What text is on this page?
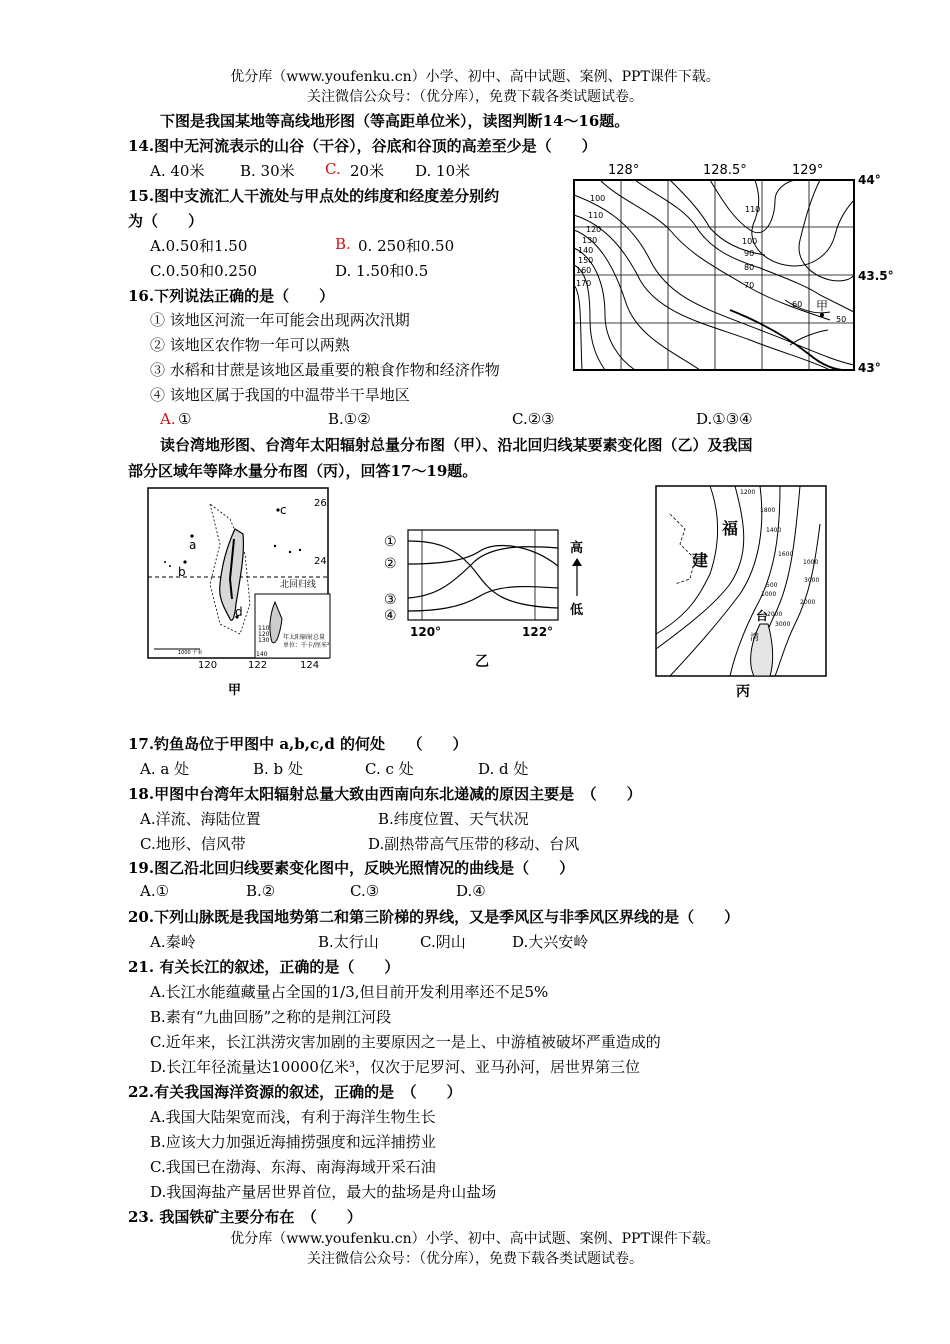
优分库（www.youfenku.cn）小学、初中、高中试题、案例、PPT课件下载。
关注微信公众号：（优分库），免费下载各类试题试卷。
下图是我国某地等高线地形图（等高距单位米），读图判断14～16题。
14.图中无河流表示的山谷（干谷），谷底和谷顶的高差至少是（　　）
A. 40米 B. 30米 C. 20米 D. 10米
15.图中支流汇人干流处与甲点处的纬度和经度差分别约
为（　　）
A.0.50和1.50	B. 0. 250和0.50
C.0.50和0.250	D. 1.50和0.5
16.下列说法正确的是（　　）
① 该地区河流一年可能会出现两次汛期
② 该地区农作物一年可以两熟
③ 水稻和甘蔗是该地区最重要的粮食作物和经济作物
④ 该地区属于我国的中温带半干旱地区
A. ①	B.①②	C.②③	D.①③④
128°	128.5°	129°
44°
43.5°
43°
100
110
120
130
140
150
160
170
110
100
90
80
70
60
50
甲
读台湾地形图、台湾年太阳辐射总量分布图（甲）、沿北回归线某要素变化图（乙）及我国
部分区域年等降水量分布图（丙），回答17～19题。
a
b
c
d
26
24
北回归线
110
120
130
140
年太阳辐射总量
单位：千卡/厘米²
1000 千米
120	122	124
甲
①
②
③
④
高
低
120°	122°
乙
1200
1800
1400
1600
1000
3000
2000
500
1000
2000
3000
福
建
台
湾
丙
17.钓鱼岛位于甲图中 a,b,c,d 的何处　　（　　）
A. a 处	B. b 处	C. c 处	D. d 处
18.甲图中台湾年太阳辐射总量大致由西南向东北递减的原因主要是　（　　）
A.洋流、海陆位置	B.纬度位置、天气状况
C.地形、信风带	D.副热带高气压带的移动、台风
19.图乙沿北回归线要素变化图中，反映光照情况的曲线是（　　）
A.①	B.②	C.③	D.④
20.下列山脉既是我国地势第二和第三阶梯的界线，又是季风区与非季风区界线的是（　　）
A.秦岭	B.太行山	C.阴山	D.大兴安岭
21. 有关长江的叙述，正确的是（　　）
A.长江水能蕴藏量占全国的1/3,但目前开发利用率还不足5%
B.素有“九曲回肠”之称的是荆江河段
C.近年来，长江洪涝灾害加剧的主要原因之一是上、中游植被破坏严重造成的
D.长江年径流量达10000亿米³，仅次于尼罗河、亚马孙河，居世界第三位
22.有关我国海洋资源的叙述，正确的是　（　　）
A.我国大陆架宽而浅，有利于海洋生物生长
B.应该大力加强近海捕捞强度和远洋捕捞业
C.我国已在渤海、东海、南海海域开采石油
D.我国海盐产量居世界首位，最大的盐场是舟山盐场
23. 我国铁矿主要分布在　（　　）
优分库（www.youfenku.cn）小学、初中、高中试题、案例、PPT课件下载。
关注微信公众号：（优分库），免费下载各类试题试卷。
